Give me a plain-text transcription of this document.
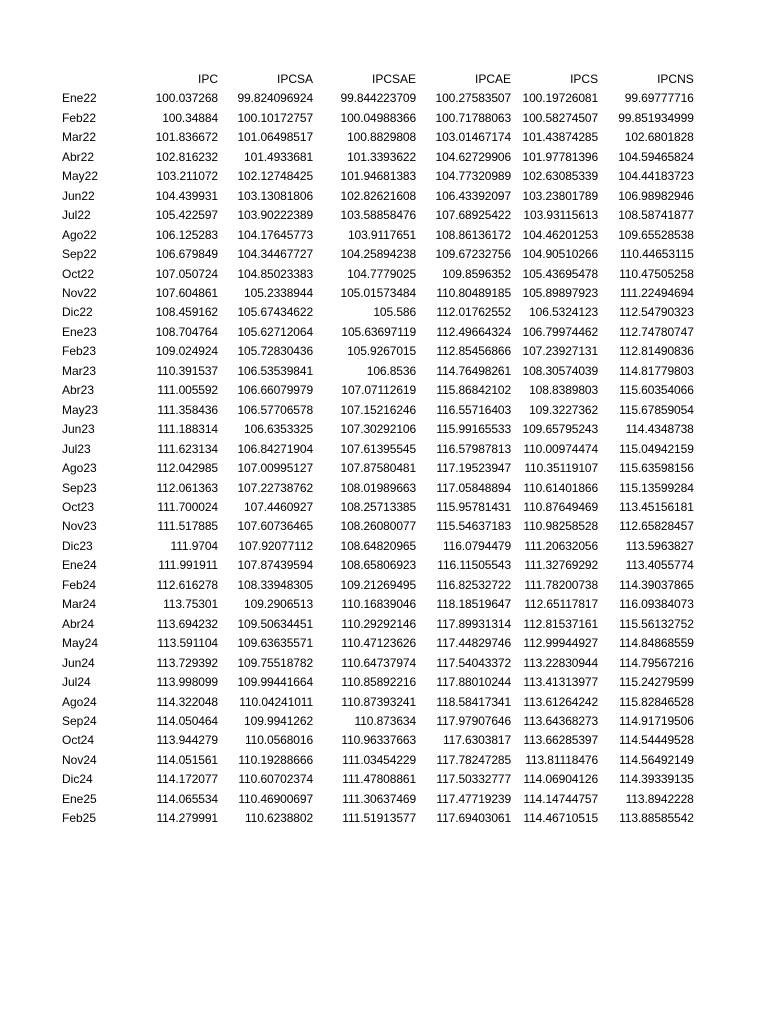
	IPC	IPCSA	IPCSAE	IPCAE	IPCS	IPCNS
Ene22	100.037268	99.824096924	99.844223709	100.27583507	100.19726081	99.69777716
Feb22	100.34884	100.10172757	100.04988366	100.71788063	100.58274507	99.851934999
Mar22	101.836672	101.06498517	100.8829808	103.01467174	101.43874285	102.6801828
Abr22	102.816232	101.4933681	101.3393622	104.62729906	101.97781396	104.59465824
May22	103.211072	102.12748425	101.94681383	104.77320989	102.63085339	104.44183723
Jun22	104.439931	103.13081806	102.82621608	106.43392097	103.23801789	106.98982946
Jul22	105.422597	103.90222389	103.58858476	107.68925422	103.93115613	108.58741877
Ago22	106.125283	104.17645773	103.9117651	108.86136172	104.46201253	109.65528538
Sep22	106.679849	104.34467727	104.25894238	109.67232756	104.90510266	110.44653115
Oct22	107.050724	104.85023383	104.7779025	109.8596352	105.43695478	110.47505258
Nov22	107.604861	105.2338944	105.01573484	110.80489185	105.89897923	111.22494694
Dic22	108.459162	105.67434622	105.586	112.01762552	106.5324123	112.54790323
Ene23	108.704764	105.62712064	105.63697119	112.49664324	106.79974462	112.74780747
Feb23	109.024924	105.72830436	105.9267015	112.85456866	107.23927131	112.81490836
Mar23	110.391537	106.53539841	106.8536	114.76498261	108.30574039	114.81779803
Abr23	111.005592	106.66079979	107.07112619	115.86842102	108.8389803	115.60354066
May23	111.358436	106.57706578	107.15216246	116.55716403	109.3227362	115.67859054
Jun23	111.188314	106.6353325	107.30292106	115.99165533	109.65795243	114.4348738
Jul23	111.623134	106.84271904	107.61395545	116.57987813	110.00974474	115.04942159
Ago23	112.042985	107.00995127	107.87580481	117.19523947	110.35119107	115.63598156
Sep23	112.061363	107.22738762	108.01989663	117.05848894	110.61401866	115.13599284
Oct23	111.700024	107.4460927	108.25713385	115.95781431	110.87649469	113.45156181
Nov23	111.517885	107.60736465	108.26080077	115.54637183	110.98258528	112.65828457
Dic23	111.9704	107.92077112	108.64820965	116.0794479	111.20632056	113.5963827
Ene24	111.991911	107.87439594	108.65806923	116.11505543	111.32769292	113.4055774
Feb24	112.616278	108.33948305	109.21269495	116.82532722	111.78200738	114.39037865
Mar24	113.75301	109.2906513	110.16839046	118.18519647	112.65117817	116.09384073
Abr24	113.694232	109.50634451	110.29292146	117.89931314	112.81537161	115.56132752
May24	113.591104	109.63635571	110.47123626	117.44829746	112.99944927	114.84868559
Jun24	113.729392	109.75518782	110.64737974	117.54043372	113.22830944	114.79567216
Jul24	113.998099	109.99441664	110.85892216	117.88010244	113.41313977	115.24279599
Ago24	114.322048	110.04241011	110.87393241	118.58417341	113.61264242	115.82846528
Sep24	114.050464	109.9941262	110.873634	117.97907646	113.64368273	114.91719506
Oct24	113.944279	110.0568016	110.96337663	117.6303817	113.66285397	114.54449528
Nov24	114.051561	110.19288666	111.03454229	117.78247285	113.81118476	114.56492149
Dic24	114.172077	110.60702374	111.47808861	117.50332777	114.06904126	114.39339135
Ene25	114.065534	110.46900697	111.30637469	117.47719239	114.14744757	113.8942228
Feb25	114.279991	110.6238802	111.51913577	117.69403061	114.46710515	113.88585542
